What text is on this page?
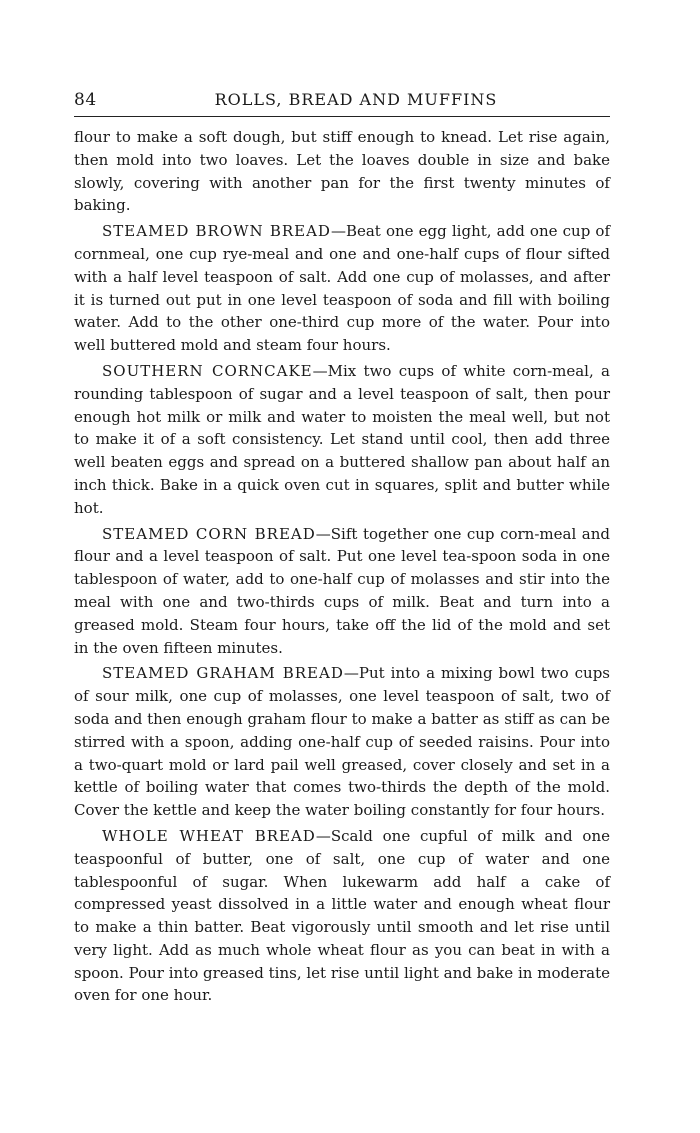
84	ROLLS, BREAD AND MUFFINS

flour to make a soft dough, but stiff enough to knead. Let rise again, then mold into two loaves. Let the loaves double in size and bake slowly, covering with another pan for the first twenty minutes of baking.

STEAMED BROWN BREAD—Beat one egg light, add one cup of cornmeal, one cup rye-meal and one and one-half cups of flour sifted with a half level teaspoon of salt. Add one cup of molasses, and after it is turned out put in one level teaspoon of soda and fill with boiling water. Add to the other one-third cup more of the water. Pour into well buttered mold and steam four hours.

SOUTHERN CORNCAKE—Mix two cups of white corn-meal, a rounding tablespoon of sugar and a level teaspoon of salt, then pour enough hot milk or milk and water to moisten the meal well, but not to make it of a soft consistency. Let stand until cool, then add three well beaten eggs and spread on a buttered shallow pan about half an inch thick. Bake in a quick oven cut in squares, split and butter while hot.

STEAMED CORN BREAD—Sift together one cup corn-meal and flour and a level teaspoon of salt. Put one level tea-spoon soda in one tablespoon of water, add to one-half cup of molasses and stir into the meal with one and two-thirds cups of milk. Beat and turn into a greased mold. Steam four hours, take off the lid of the mold and set in the oven fifteen minutes.

STEAMED GRAHAM BREAD—Put into a mixing bowl two cups of sour milk, one cup of molasses, one level teaspoon of salt, two of soda and then enough graham flour to make a batter as stiff as can be stirred with a spoon, adding one-half cup of seeded raisins. Pour into a two-quart mold or lard pail well greased, cover closely and set in a kettle of boiling water that comes two-thirds the depth of the mold. Cover the kettle and keep the water boiling constantly for four hours.

WHOLE WHEAT BREAD—Scald one cupful of milk and one teaspoonful of butter, one of salt, one cup of water and one tablespoonful of sugar. When lukewarm add half a cake of compressed yeast dissolved in a little water and enough wheat flour to make a thin batter. Beat vigorously until smooth and let rise until very light. Add as much whole wheat flour as you can beat in with a spoon. Pour into greased tins, let rise until light and bake in moderate oven for one hour.
